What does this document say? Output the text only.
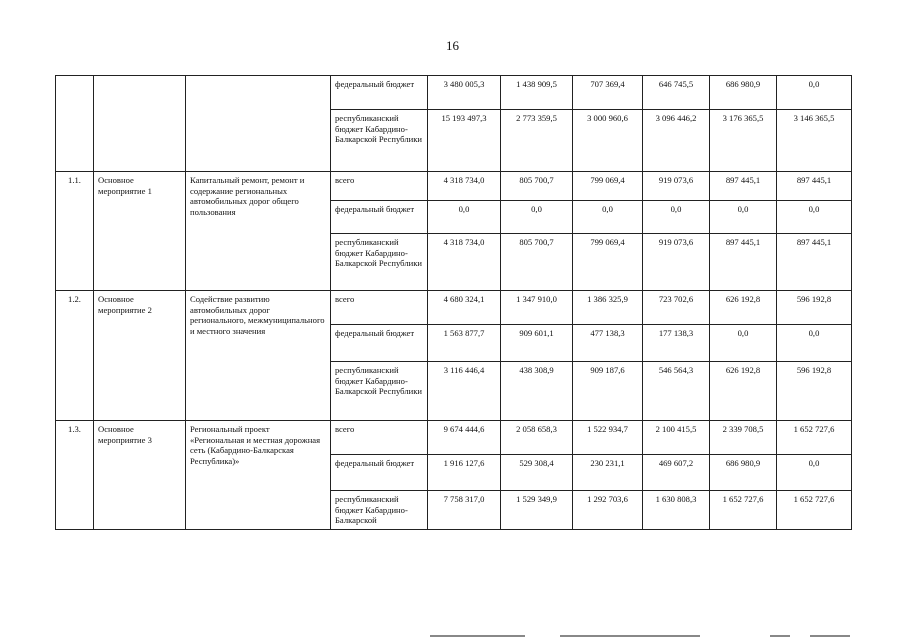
16
			федеральный бюджет	3 480 005,3	1 438 909,5	707 369,4	646 745,5	686 980,9	0,0
			республиканский бюджет Кабардино-Балкарской Республики	15 193 497,3	2 773 359,5	3 000 960,6	3 096 446,2	3 176 365,5	3 146 365,5
1.1.	Основное мероприятие 1	Капитальный ремонт, ремонт и содержание региональных автомобильных дорог общего пользования	всего	4 318 734,0	805 700,7	799 069,4	919 073,6	897 445,1	897 445,1
			федеральный бюджет	0,0	0,0	0,0	0,0	0,0	0,0
			республиканский бюджет Кабардино-Балкарской Республики	4 318 734,0	805 700,7	799 069,4	919 073,6	897 445,1	897 445,1
1.2.	Основное мероприятие 2	Содействие развитию автомобильных дорог регионального, межмуниципального и местного значения	всего	4 680 324,1	1 347 910,0	1 386 325,9	723 702,6	626 192,8	596 192,8
			федеральный бюджет	1 563 877,7	909 601,1	477 138,3	177 138,3	0,0	0,0
			республиканский бюджет Кабардино-Балкарской Республики	3 116 446,4	438 308,9	909 187,6	546 564,3	626 192,8	596 192,8
1.3.	Основное мероприятие 3	Региональный проект «Региональная и местная дорожная сеть (Кабардино-Балкарская Республика)»	всего	9 674 444,6	2 058 658,3	1 522 934,7	2 100 415,5	2 339 708,5	1 652 727,6
			федеральный бюджет	1 916 127,6	529 308,4	230 231,1	469 607,2	686 980,9	0,0
			республиканский бюджет Кабардино-Балкарской	7 758 317,0	1 529 349,9	1 292 703,6	1 630 808,3	1 652 727,6	1 652 727,6
